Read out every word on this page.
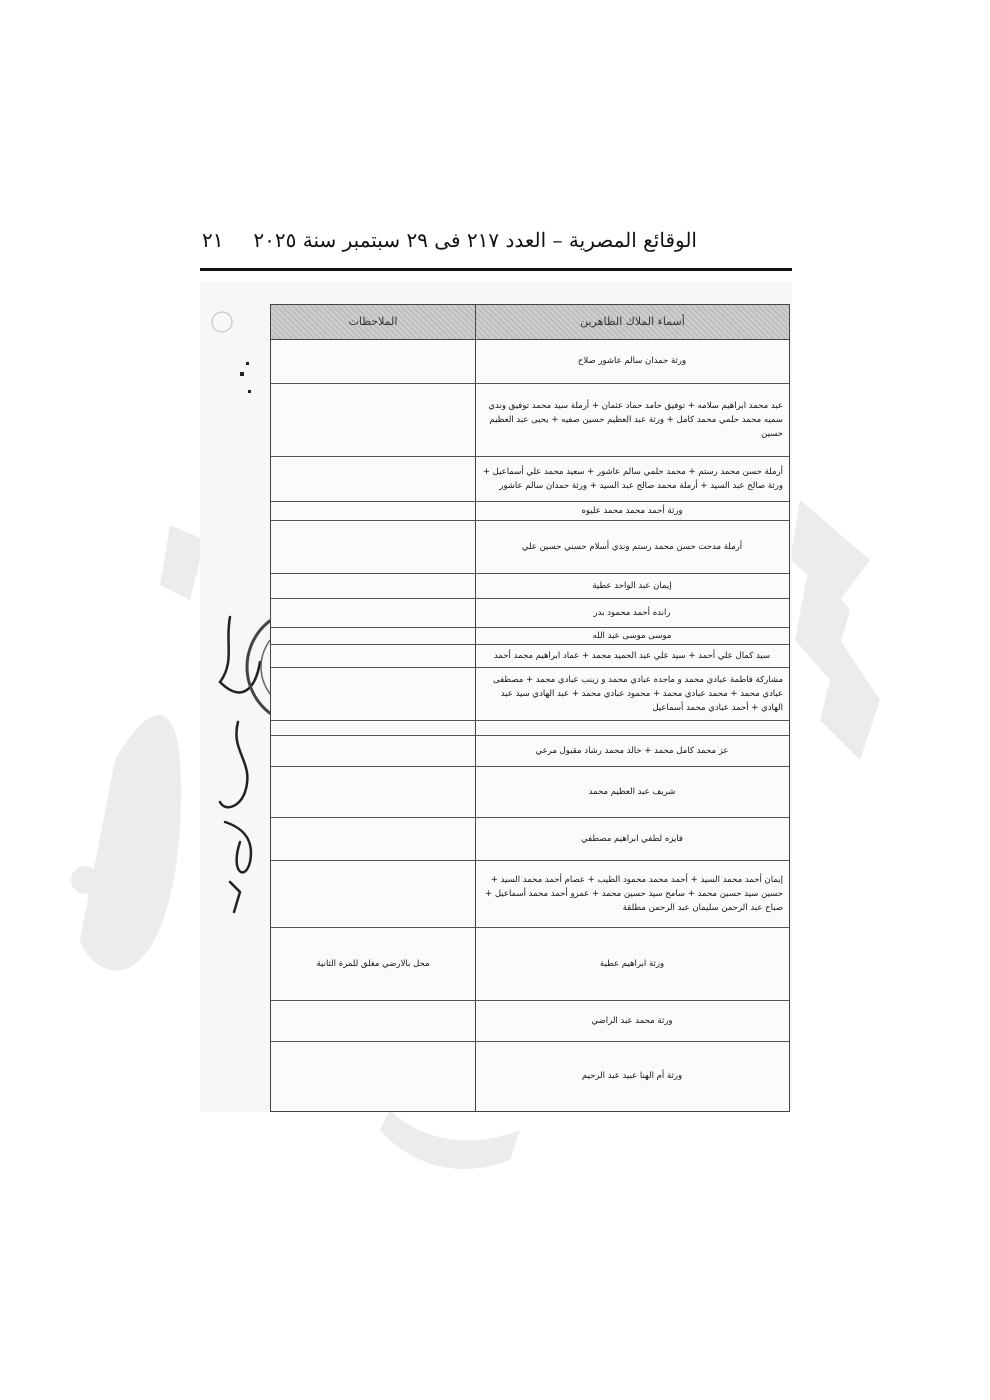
الوقائع المصرية – العدد ٢١٧ فى ٢٩ سبتمبر سنة ٢٠٢٥
٢١
الملاحظات	أسماء الملاك الظاهرين
ورثة حمدان سالم عاشور صلاح
عبد محمد ابراهيم سلامه + توفيق حامد حماد عثمان + أرملة سيد محمد توفيق وندي سميه محمد حلمي محمد كامل + ورثة عبد العظيم حسين صفيه + يحيى عبد العظيم حسين
أرملة حسن محمد رستم + محمد حلمي سالم عاشور + سعيد محمد علي أسماعيل + ورثة صالح عبد السيد + أرملة محمد صالح عبد السيد + ورثة حمدان سالم عاشور
ورثة أحمد محمد محمد عليوه
أرملة مدحت حسن محمد رستم وندي أسلام حسني حسين علي
إيمان عبد الواحد عطية
رانده أحمد محمود بدر
موسى موسى عبد الله
سيد كمال علي أحمد + سيد علي عبد الحميد محمد + عماد ابراهيم محمد أحمد
مشاركة فاطمة عبادي محمد و ماجده عبادي محمد و زينب عبادي محمد + مصطفى عبادي محمد + محمد عبادي محمد + محمود عبادي محمد + عبد الهادي سيد عبد الهادي + أحمد عبادي محمد أسماعيل
عز محمد كامل محمد + خالد محمد رشاد مقبول مرعي
شريف عبد العظيم محمد
فايزه لطفي ابراهيم مصطفي
إيمان أحمد محمد السيد + أحمد محمد محمود الطيب + عصام أحمد محمد السيد + حسين سيد حسين محمد + سامح سيد حسين محمد + عمرو أحمد محمد أسماعيل + صباح عبد الرحمن سليمان عبد الرحمن مطلقة
ورثة ابراهيم عطية
محل بالارضي مغلق للمرة الثانية
ورثة محمد عبد الراضي
ورثة أم الهنا عبيد عبد الرحيم
